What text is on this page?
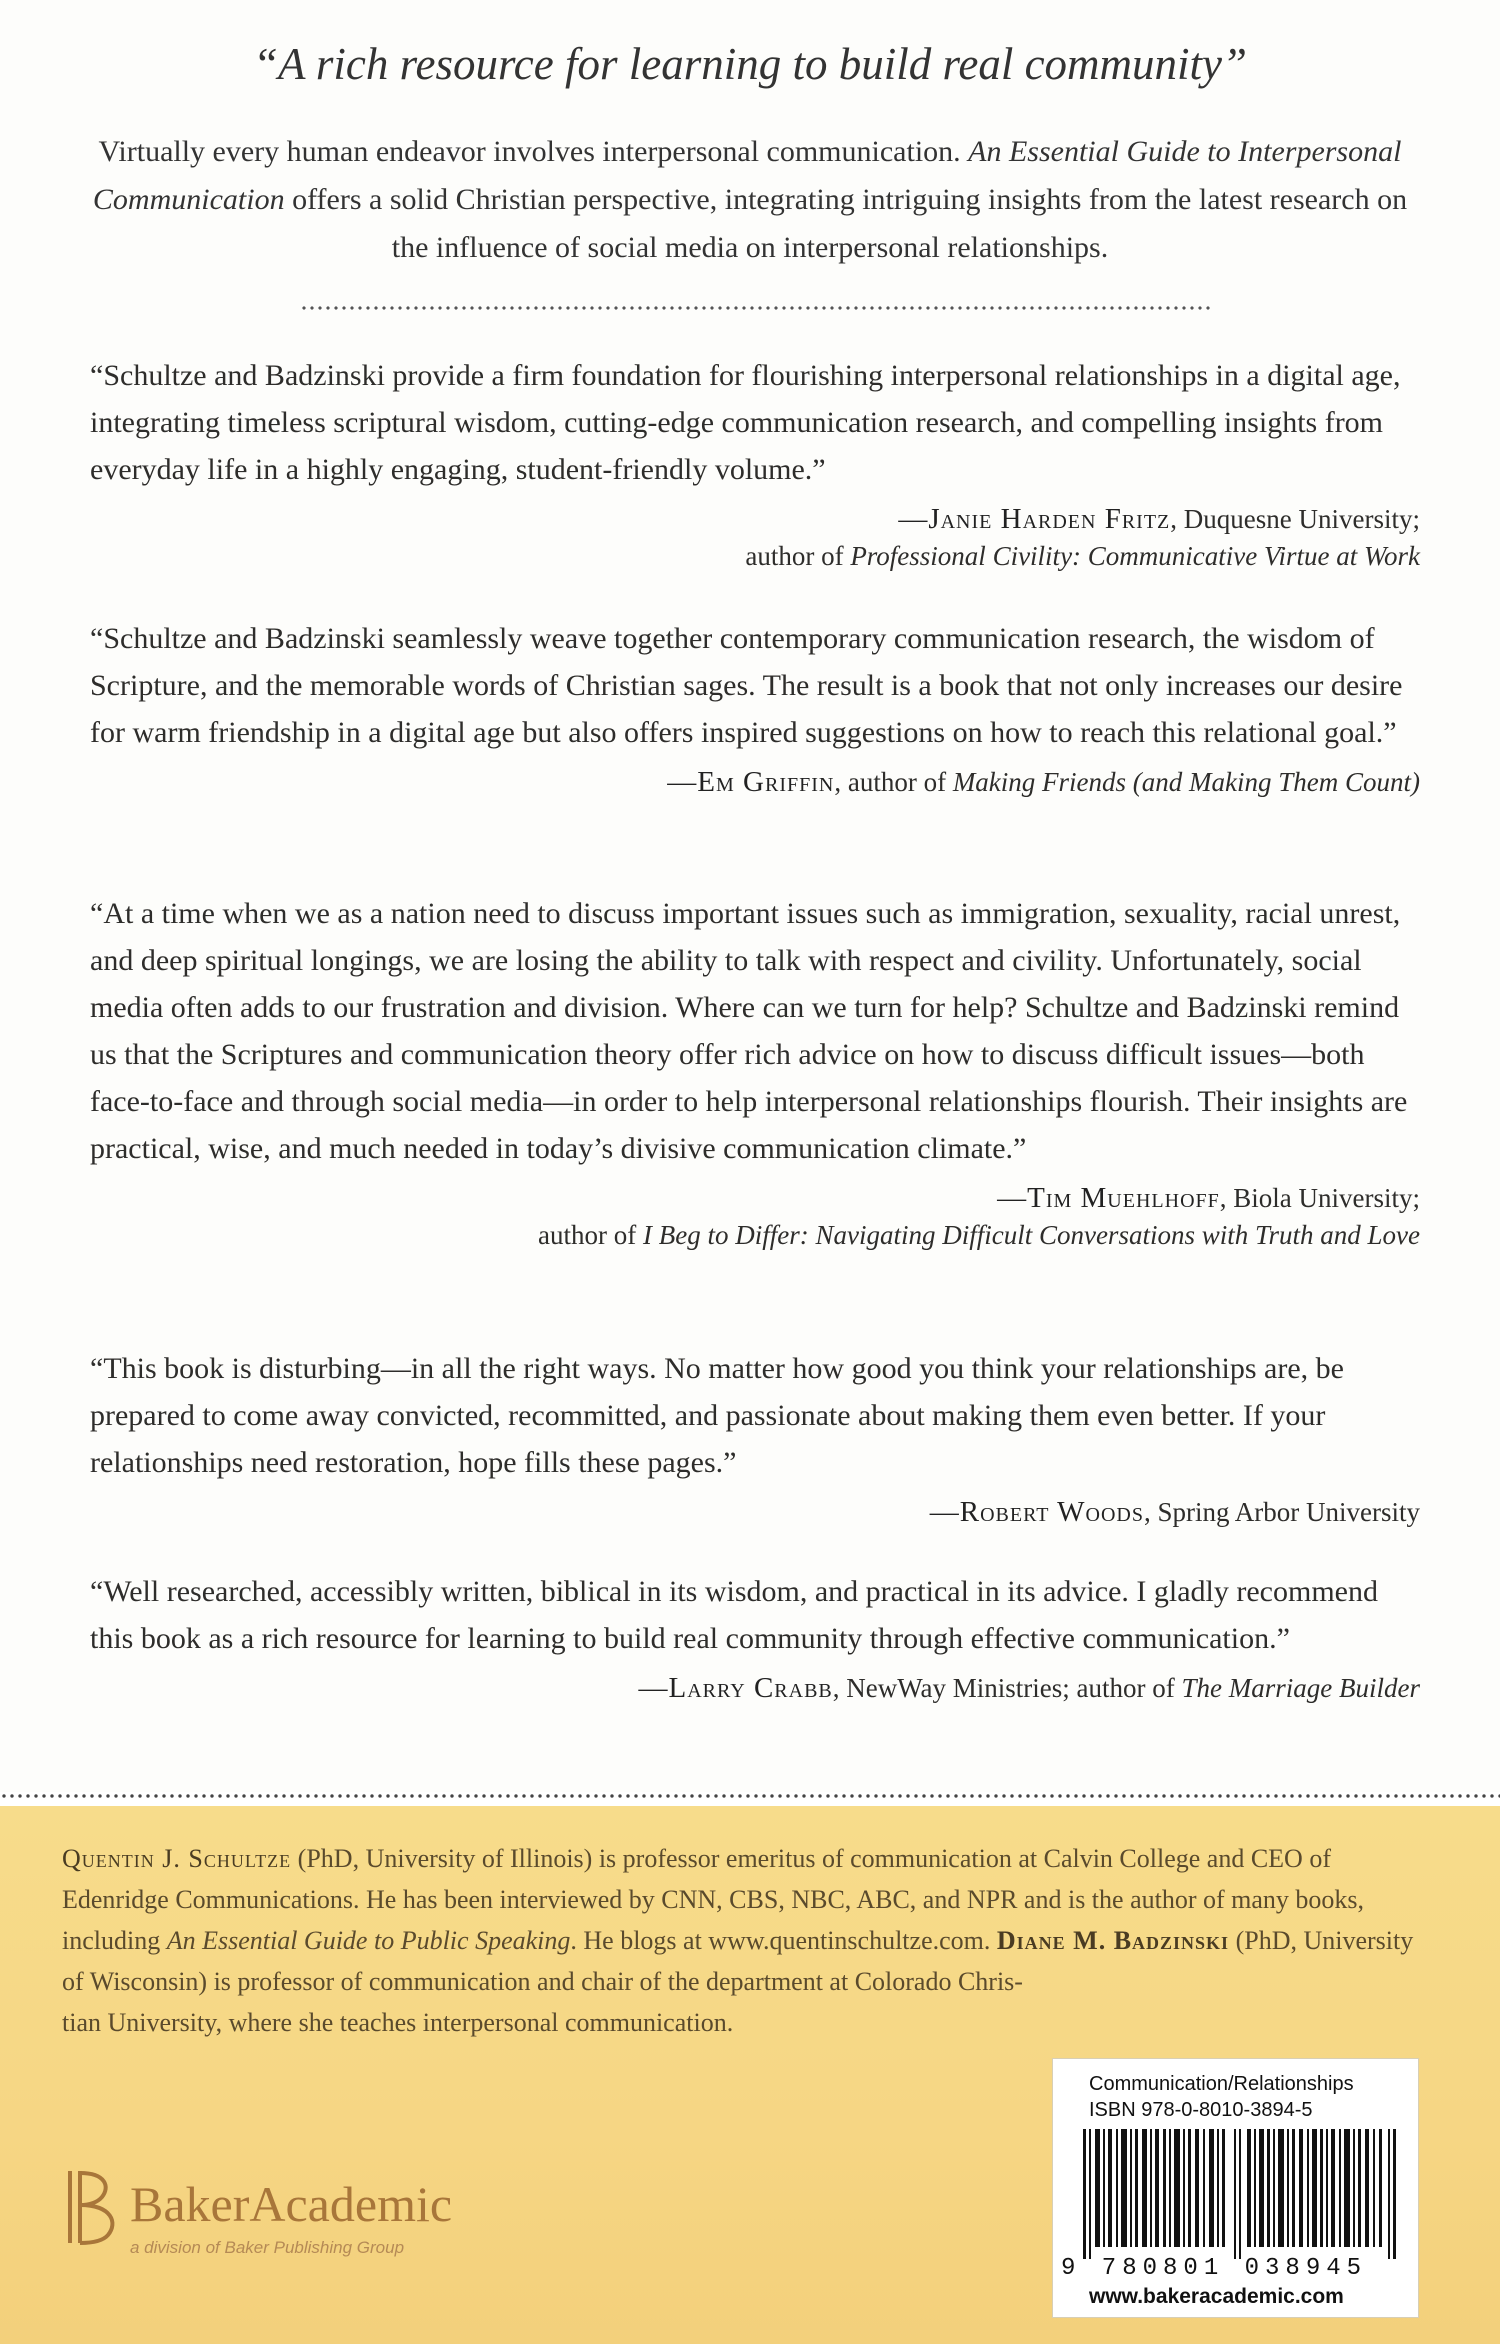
“A rich resource for learning to build real community”
Virtually every human endeavor involves interpersonal communication. An Essential Guide to Interpersonal Communication offers a solid Christian perspective, integrating intriguing insights from the latest research on the influence of social media on interpersonal relationships.

“Schultze and Badzinski provide a firm foundation for flourishing interpersonal relationships in a digital age, integrating timeless scriptural wisdom, cutting-edge communication research, and compelling insights from everyday life in a highly engaging, student-friendly volume.”

—Janie Harden Fritz, Duquesne University;
author of Professional Civility: Communicative Virtue at Work

“Schultze and Badzinski seamlessly weave together contemporary communication research, the wisdom of Scripture, and the memorable words of Christian sages. The result is a book that not only increases our desire for warm friendship in a digital age but also offers inspired suggestions on how to reach this relational goal.”

—Em Griffin, author of Making Friends (and Making Them Count)

“At a time when we as a nation need to discuss important issues such as immigration, sexuality, racial unrest, and deep spiritual longings, we are losing the ability to talk with respect and civility. Unfortunately, social media often adds to our frustration and division. Where can we turn for help? Schultze and Badzinski remind us that the Scriptures and communication theory offer rich advice on how to discuss difficult issues—both face-to-face and through social media—in order to help interpersonal relationships flourish. Their insights are practical, wise, and much needed in today’s divisive communication climate.”

—Tim Muehlhoff, Biola University;
author of I Beg to Differ: Navigating Difficult Conversations with Truth and Love

“This book is disturbing—in all the right ways. No matter how good you think your relationships are, be prepared to come away convicted, recommitted, and passionate about making them even better. If your relationships need restoration, hope fills these pages.”

—Robert Woods, Spring Arbor University

“Well researched, accessibly written, biblical in its wisdom, and practical in its advice. I gladly recommend this book as a rich resource for learning to build real community through effective communication.”

—Larry Crabb, NewWay Ministries; author of The Marriage Builder
Quentin J. Schultze (PhD, University of Illinois) is professor emeritus of communication at Calvin College and CEO of Edenridge Communications. He has been interviewed by CNN, CBS, NBC, ABC, and NPR and is the author of many books, including An Essential Guide to Public Speaking. He blogs at www.quentinschultze.com. Diane M. Badzinski (PhD, University of Wisconsin) is professor of communication and chair of the department at Colorado Chris-
tian University, where she teaches interpersonal communication.
Communication/Relationships
ISBN 978-0-8010-3894-5
9 780801 038945
www.bakeracademic.com
BakerAcademic
a division of Baker Publishing Group
